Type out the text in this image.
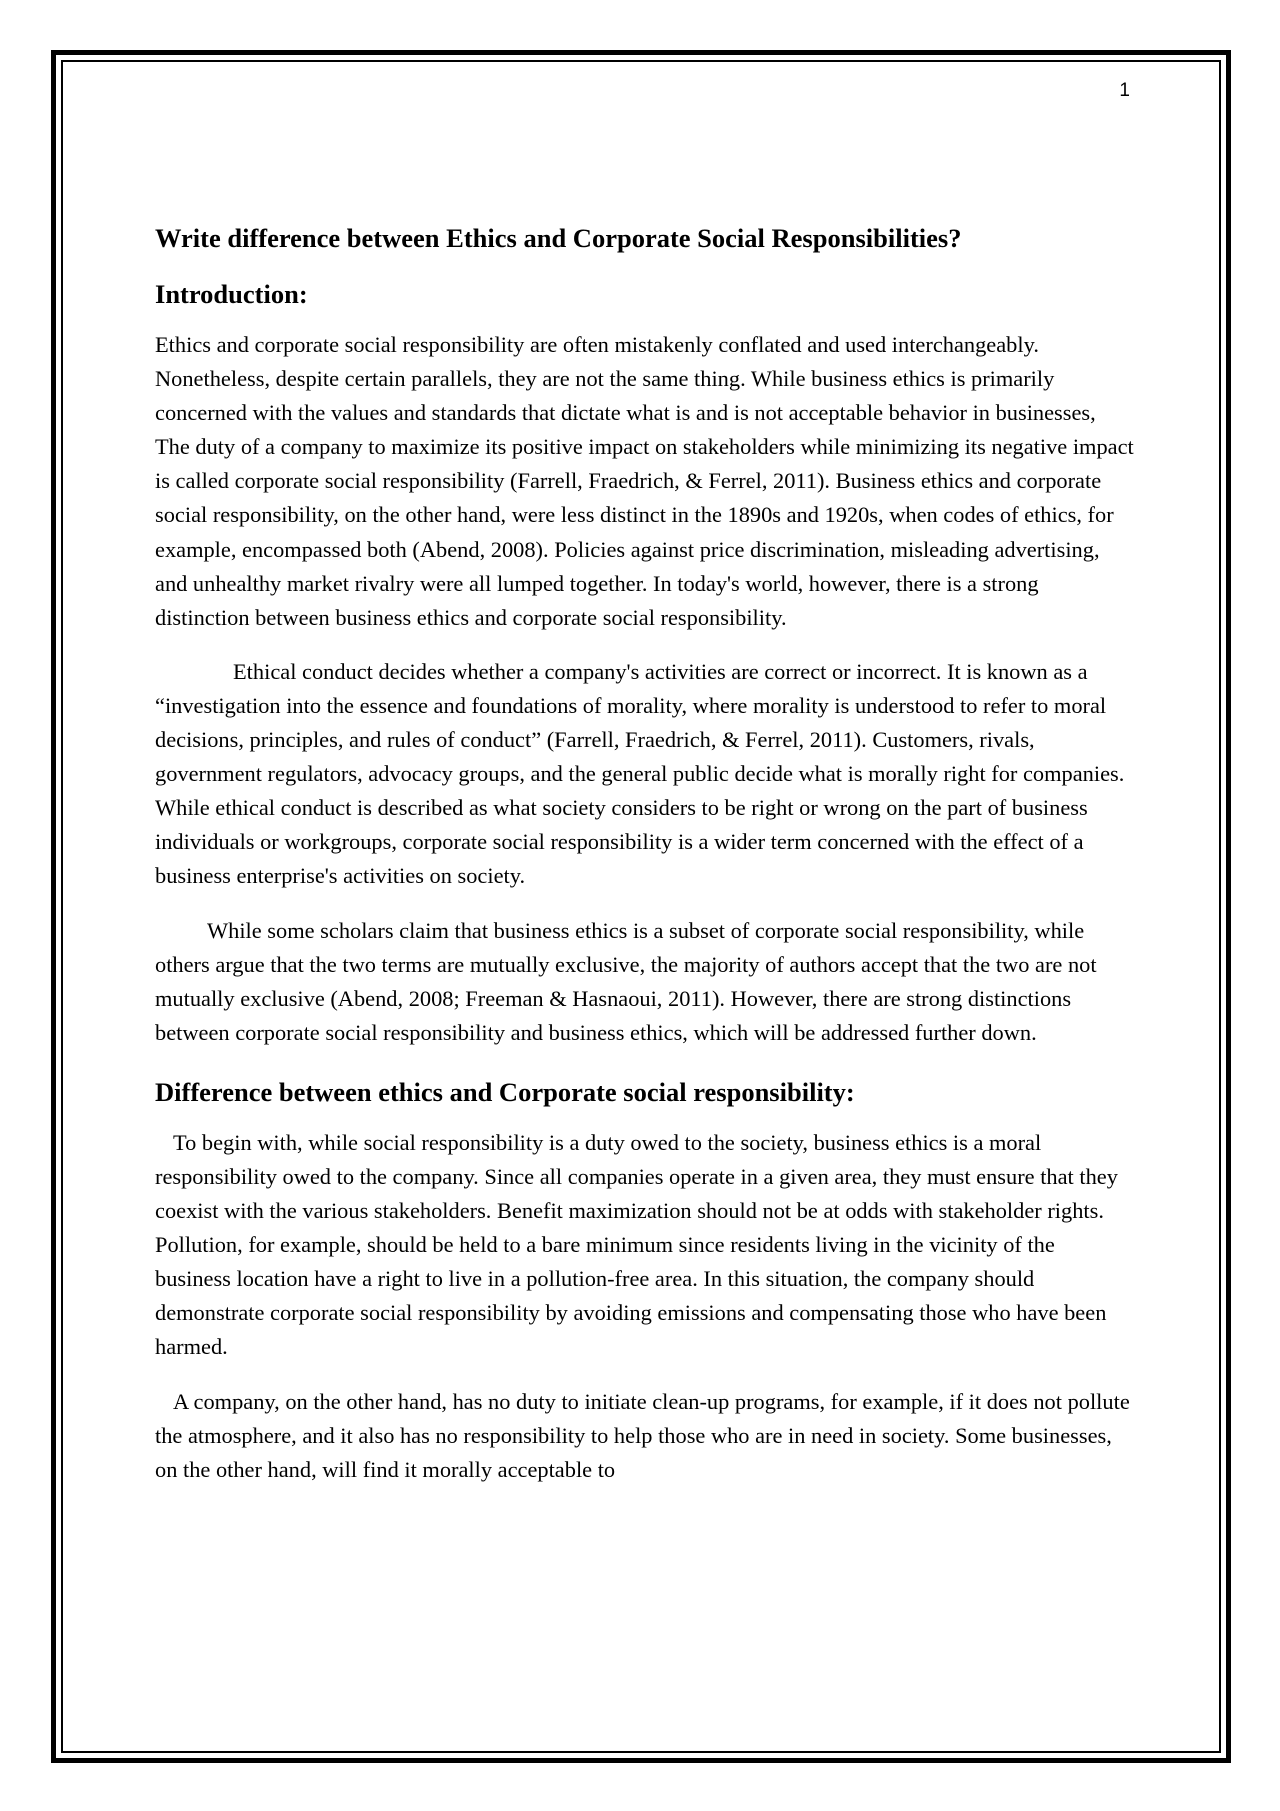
1
Write difference between Ethics and Corporate Social Responsibilities?
Introduction:

Ethics and corporate social responsibility are often mistakenly conflated and used interchangeably. Nonetheless, despite certain parallels, they are not the same thing. While business ethics is primarily concerned with the values and standards that dictate what is and is not acceptable behavior in businesses, The duty of a company to maximize its positive impact on stakeholders while minimizing its negative impact is called corporate social responsibility (Farrell, Fraedrich, & Ferrel, 2011). Business ethics and corporate social responsibility, on the other hand, were less distinct in the 1890s and 1920s, when codes of ethics, for example, encompassed both (Abend, 2008). Policies against price discrimination, misleading advertising, and unhealthy market rivalry were all lumped together. In today's world, however, there is a strong distinction between business ethics and corporate social responsibility.

Ethical conduct decides whether a company's activities are correct or incorrect. It is known as a “investigation into the essence and foundations of morality, where morality is understood to refer to moral decisions, principles, and rules of conduct” (Farrell, Fraedrich, & Ferrel, 2011). Customers, rivals, government regulators, advocacy groups, and the general public decide what is morally right for companies. While ethical conduct is described as what society considers to be right or wrong on the part of business individuals or workgroups, corporate social responsibility is a wider term concerned with the effect of a business enterprise's activities on society.

While some scholars claim that business ethics is a subset of corporate social responsibility, while others argue that the two terms are mutually exclusive, the majority of authors accept that the two are not mutually exclusive (Abend, 2008; Freeman & Hasnaoui, 2011). However, there are strong distinctions between corporate social responsibility and business ethics, which will be addressed further down.

Difference between ethics and Corporate social responsibility:

To begin with, while social responsibility is a duty owed to the society, business ethics is a moral responsibility owed to the company. Since all companies operate in a given area, they must ensure that they coexist with the various stakeholders. Benefit maximization should not be at odds with stakeholder rights. Pollution, for example, should be held to a bare minimum since residents living in the vicinity of the business location have a right to live in a pollution-free area. In this situation, the company should demonstrate corporate social responsibility by avoiding emissions and compensating those who have been harmed.

A company, on the other hand, has no duty to initiate clean-up programs, for example, if it does not pollute the atmosphere, and it also has no responsibility to help those who are in need in society. Some businesses, on the other hand, will find it morally acceptable to
